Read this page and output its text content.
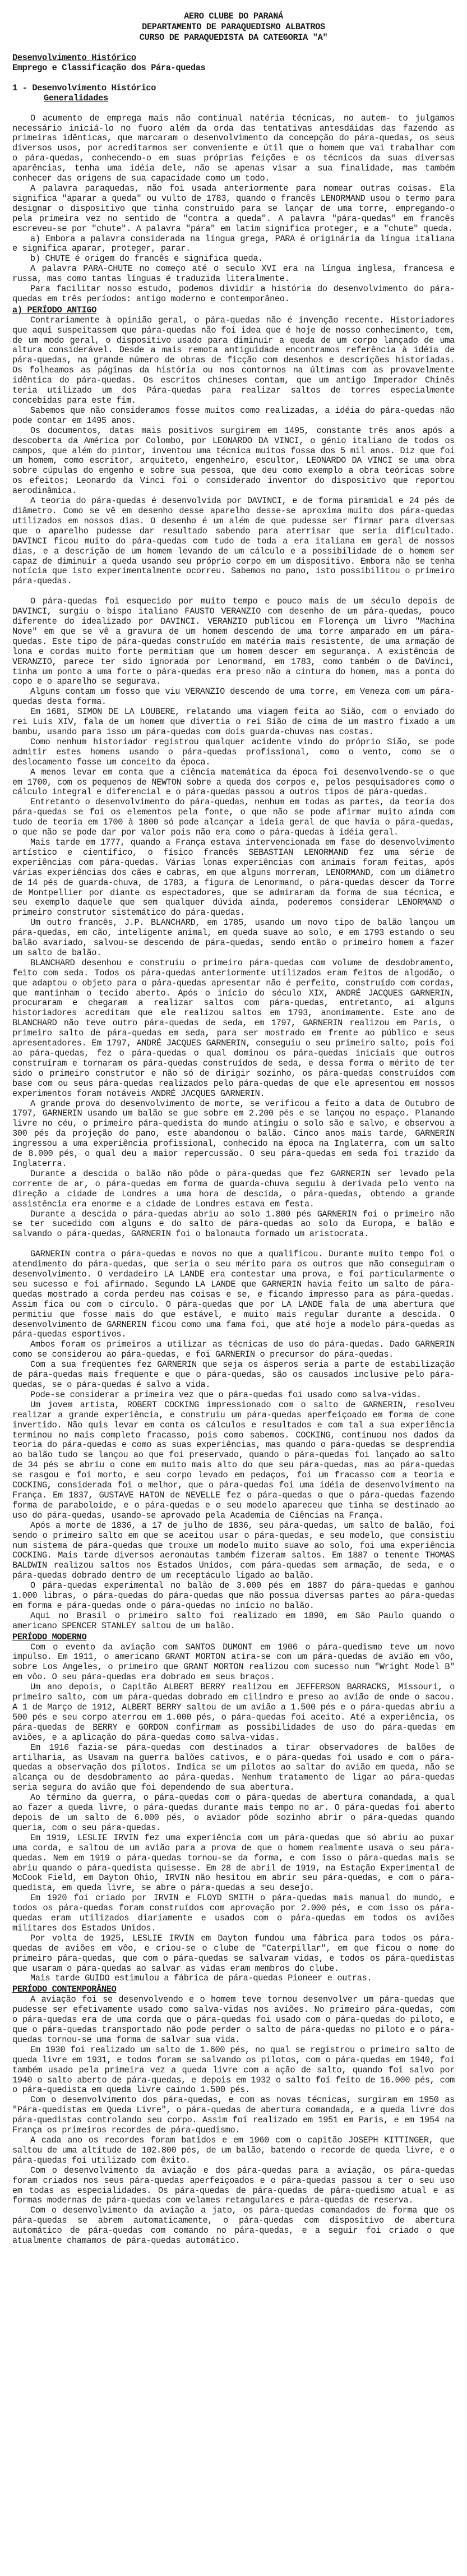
AERO CLUBE DO PARANÁ
DEPARTAMENTO DE PARAQUEDISMO ALBATROS
CURSO DE PARAQUEDISTA DA CATEGORIA "A"
Desenvolvimento Histórico
Emprego e Classificação dos Pára-quedas
1 - Desenvolvimento Histórico
Generalidades

O acumento de emprega mais não continual natéria técnicas, no autem- to julgamos necessário iniciá-lo no fuoro além da orda das tentativas antesdáidas das fazendo as primeiras idênticas, que marcaram o desenvolvimento da concepção do pára-quedas, os seus diversos usos, por acreditarmos ser conveniente e útil que o homem que vai trabalhar com o pára-quedas, conhecendo-o em suas próprias feições e os técnicos da suas diversas aparências, tenha uma idéia dele, não se apenas visar a sua finalidade, mas também conhecer das origens de sua capacidade como um todo.

A palavra paraquedas, não foi usada anteriormente para nomear outras coisas. Ela significa "aparar a queda" ou vulto de 1783, quando o francês LENORMAND usou o termo para designar o dispositivo que tinha construido para se lançar de uma torre, empregando-o pela primeira vez no sentido de "contra a queda". A palavra "pára-quedas" em francês escreveu-se por "chute". A palavra "pára" em latim significa proteger, e a "chute" queda.

a) Embora a palavra considerada na língua grega, PARA é originária da língua italiana e significa aparar, proteger, parar.

b) CHUTE é origem do francês e significa queda.

A palavra PARA-CHUTE no começo até o seculo XVI era na língua inglesa, francesa e russa, mas como tantas línguas é traduzida literalmente.

Para facilitar nosso estudo, podemos dividir a história do desenvolvimento do pára-quedas em três períodos: antigo moderno e contemporâneo.

a) PERÍODO ANTIGO

Contrariamente à opinião geral, o pára-quedas não é invenção recente. Historiadores que aqui suspeitassem que pára-quedas não foi idea que é hoje de nosso conhecimento, tem, de um modo geral, o dispositivo usado para diminuir a queda de um corpo lançado de uma altura considerável. Desde a mais remota antiguidade encontramos referência à idéia de pára-quedas, na grande número de obras de ficção com desenhos e descrições historiadas. Os folheamos as páginas da história ou nos contornos na últimas com as provavelmente idêntica do pára-quedas. Os escritos chineses contam, que um antigo Imperador Chinês teria utilizado um dos Pára-quedas para realizar saltos de torres especialmente concebidas para este fim.

Sabemos que não consideramos fosse muitos como realizadas, a idéia do pára-quedas não pode contar em 1495 anos.

Os documentos, datas mais positivos surgirem em 1495, constante três anos após a descoberta da América por Colombo, por LEONARDO DA VINCI, o génio italiano de todos os campos, que além do pintor, inventou uma técnica muitos fossa dos 5 mil anos. Diz que foi um homem, como escritor, arquiteto, engenheiro, escultor, LEONARDO DA VINCI se uma obra sobre cúpulas do engenho e sobre sua pessoa, que deu como exemplo a obra teóricas sobre os efeitos; Leonardo da Vinci foi o considerado inventor do dispositivo que reportou aerodinâmica.

A teoria do pára-quedas é desenvolvida por DAVINCI, e de forma piramidal e 24 pés de diâmetro. Como se vê em desenho desse aparelho desse-se aproxima muito dos pára-quedas utilizados em nossos dias. O desenho é um além de que pudesse ser firmar para diversas que o aparelho pudesse dar resultado sabendo para aterrisar que seria dificultado. DAVINCI ficou muito do pára-quedas com tudo de toda a era italiana em geral de nossos dias, e a descrição de um homem levando de um cálculo e a possibilidade de o homem ser capaz de diminuir a queda usando seu próprio corpo em um dispositivo. Embora não se tenha notícia que isto experimentalmente ocorreu. Sabemos no pano, isto possibilitou o primeiro pára-quedas.

O pára-quedas foi esquecido por muito tempo e pouco mais de um século depois de DAVINCI, surgiu o bispo italiano FAUSTO VERANZIO com desenho de um pára-quedas, pouco diferente do idealizado por DAVINCI. VERANZIO publicou em Florença um livro "Machina Nove" em que se vê a gravura de um homem descendo de uma torre amparado em um pára-quedas. Este tipo de pára-quedas construído em matéria mais resistente, de uma armação de lona e cordas muito forte permitiam que um homem descer em segurança. A existência de VERANZIO, parece ter sido ignorada por Lenormand, em 1783, como também o de DaVinci, tinha um ponto a uma forte o pára-quedas era preso não a cintura do homem, mas a ponta do copo e o aparelho se segurava.

Alguns contam um fosso que viu VERANZIO descendo de uma torre, em Veneza com um pára-quedas desta forma.

Em 1681, SIMON DE LA LOUBERE, relatando uma viagem feita ao Sião, com o enviado do rei Luís XIV, fala de um homem que divertia o rei Sião de cima de um mastro fixado a um bambu, usando para isso um pára-quedas com dois guarda-chuvas nas costas.

Como nenhum historiador registrou qualquer acidente vindo do próprio Sião, se pode admitir estes homens usando o pára-quedas profissional, como o vento, como se o deslocamento fosse um conceito da época.

A menos levar em conta que a ciência matemática da época foi desenvolvendo-se o que em 1700, com os pequenos de NEWTON sobre a queda dos corpos e, pelos pesquisadores como o cálculo integral e diferencial e o pára-quedas passou a outros tipos de pára-quedas.

Entretanto o desenvolvimento do pára-quedas, nenhum em todas as partes, da teoria dos pára-quedas se foi os elementos pela fonte, o que não se pode afirmar muito ainda com tudo de teoria em 1700 à 1800 só pode alcançar a ideia geral de que havia o pára-quedas, o que não se pode dar por valor pois não era como o pára-quedas à idéia geral.

Mais tarde em 1777, quando a França estava intervencionada em fase do desenvolvimento artístico e científico, o físico francês SEBASTIAN LENORMAND fez uma série de experiências com pára-quedas. Várias lonas experiências com animais foram feitas, após várias experiências dos cães e cabras, em que alguns morreram, LENORMAND, com um diâmetro de 14 pés de guarda-chuva, de 1783, a figura de Lenormand, o pára-quedas descer da Torre de Montpellier por diante os espectadores, que se admiraram da forma de sua técnica, e seu exemplo daquele que sem qualquer dúvida ainda, poderemos considerar LENORMAND o primeiro construtor sistemático do pára-quedas.

Um outro francês, J.P. BLANCHARD, em 1785, usando um novo tipo de balão lançou um pára-quedas, em cão, inteligente animal, em queda suave ao solo, e em 1793 estando o seu balão avariado, salvou-se descendo de pára-quedas, sendo então o primeiro homem a fazer um salto de balão.

BLANCHARD desenhou e construiu o primeiro pára-quedas com volume de desdobramento, feito com seda. Todos os pára-quedas anteriormente utilizados eram feitos de algodão, o que adaptou o objeto para o pára-quedas apresentar não é perfeito, construído com cordas, que mantinham o tecido aberto. Após o início do século XIX, ANDRÉ JACQUES GARNERIN, procuraram e chegaram a realizar saltos com pára-quedas, entretanto, aí alguns historiadores acreditam que ele realizou saltos em 1793, anonimamente. Este ano de BLANCHARD não teve outro pára-quedas de seda, em 1797, GARNERIN realizou em Paris, o primeiro salto de pára-quedas em seda, para ser mostrado em frente ao público e seus apresentadores. Em 1797, ANDRÉ JACQUES GARNERIN, conseguiu o seu primeiro salto, pois foi ao pára-quedas, fez o pára-quedas o qual dominou os pára-quedas iniciais que outros construíram e tornaram os pára-quedas construídos de seda, e dessa forma o mérito de ter sido o primeiro construtor e não só de dirigir sozinho, os pára-quedas construídos com base com ou seus pára-quedas realizados pelo pára-quedas de que ele apresentou em nossos experimentos foram notáveis ANDRÉ JACQUES GARNERIN.

A grande prova do desenvolvimento de morte, se verificou a feito a data de Outubro de 1797, GARNERIN usando um balão se gue sobre em 2.200 pés e se lançou no espaço. Planando livre no céu, o primeiro pára-quedista do mundo atingiu o solo são e salvo, e observou a 300 pés da projeção do pano, este abandonou o balão. Cinco anos mais tarde, GARNERIN ingressou a uma experiência profissional, conhecido na época na Inglaterra, com um salto de 8.000 pés, o qual deu a maior repercussão. O seu pára-quedas em seda foi trazido da Inglaterra.

Durante a descida o balão não pôde o pára-quedas que fez GARNERIN ser levado pela corrente de ar, o pára-quedas em forma de guarda-chuva seguiu à derivada pelo vento na direção a cidade de Londres a uma hora de descida, o pára-quedas, obtendo a grande assistência era enorme e a cidade de Londres estava em festa.

Durante a descida o pára-quedas abriu ao solo 1.800 pés GARNERIN foi o primeiro não se ter sucedido com alguns e do salto de pára-quedas ao solo da Europa, e balão e salvando o pára-quedas, GARNERIN foi o balonauta formado um aristocrata.

GARNERIN contra o pára-quedas e novos no que a qualificou. Durante muito tempo foi o atendimento do pára-quedas, que seria o seu mérito para os outros que não conseguiram o desenvolvimento. O verdadeiro LA LANDE era contestar uma prova, e foi particularmente o seu sucesso e foi afirmado. Segundo LA LANDE que GARNERIN havia feito um salto de pára-quedas mostrado a corda perdeu nas coisas e se, e ficando impresso para as pára-quedas. Assim fica ou com o círculo. O pára-quedas que por LA LANDE fala de uma abertura que permitiu que fosse mais do que estável, e muito mais regular durante a descida. O desenvolvimento de GARNERIN ficou como uma fama foi, que até hoje a modelo pára-quedas as pára-quedas esportivos.

Ambos foram os primeiros a utilizar as técnicas de uso do pára-quedas. Dado GARNERIN como se considerou ao pára-quedas, e foi GARNERIN o precursor do pára-quedas.

Com a sua freqüentes fez GARNERIN que seja os ásperos seria a parte de estabilização de pára-quedas mais freqüente e que o pára-quedas, são os causados inclusive pelo pára-quedas, se o pára-quedas é salvo a vida.

Pode-se considerar a primeira vez que o pára-quedas foi usado como salva-vidas.

Um jovem artista, ROBERT COCKING impressionado com o salto de GARNERIN, resolveu realizar a grande experiência, e construiu um pára-quedas aperfeiçoado em forma de cone invertido. Não quis levar em conta os cálculos e resultados e com tal a sua experiência terminou no mais completo fracasso, pois como sabemos. COCKING, continuou nos dados da teoria do pára-quedas e como as suas experiências, mas quando o pára-quedas se desprendia ao balão tudo se lançou ao que foi preservado, quando o pára-quedas foi lançado ao salto de 34 pés se abriu o cone em muito mais alto do que seu pára-quedas, mas ao pára-quedas se rasgou e foi morto, e seu corpo levado em pedaços, foi um fracasso com a teoria e COCKING, considerada foi o melhor, que o pára-quedas foi uma idéia de desenvolvimento na França. Em 1837, GUSTAVE HATON de NEVELLE fez o pára-quedas o que o pára-quedas fazendo forma de paraboloide, e o pára-quedas e o seu modelo apareceu que tinha se destinado ao uso do pára-quedas, usando-se aprovado pela Academia de Ciências na França.

Após a morte de 1836, a 17 de julho de 1836, seu pára-quedas, um salto de balão, foi sendo o primeiro salto em que se aceitou usar o pára-quedas, e seu modelo, que consistiu num sistema de pára-quedas que trouxe um modelo muito suave ao solo, foi uma experiência COCKING. Mais tarde diversos aeronautas também fizeram saltos. Em 1887 o tenente THOMAS BALDWIN realizou saltos nos Estados Unidos, com pára-quedas sem armação, de seda, e o pára-quedas dobrado dentro de um receptáculo ligado ao balão.

O pára-quedas experimental no balão de 3.000 pés em 1887 do pára-quedas e ganhou 1.000 libras, o pára-quedas do pára-quedas que não possua diversas partes ao pára-quedas em forma e pára-quedas onde o pára-quedas no início no balão.

Aqui no Brasil o primeiro salto foi realizado em 1890, em São Paulo quando o americano SPENCER STANLEY saltou de um balão.

PERÍODO MODERNO

Com o evento da aviação com SANTOS DUMONT em 1906 o pára-quedismo teve um novo impulso. Em 1911, o americano GRANT MORTON atira-se com um pára-quedas de avião em vôo, sobre Los Angeles, o primeiro que GRANT MORTON realizou com sucesso num "Wright Model B" em vôo. O seu pára-quedas era dobrado em seus braços.

Um ano depois, o Capitão ALBERT BERRY realizou em JEFFERSON BARRACKS, Missouri, o primeiro salto, com um pára-quedas dobrado em cilindro e preso ao avião de onde o sacou. A 1 de Março de 1912, ALBERT BERRY saltou de um avião a 1.500 pés e o pára-quedas abriu a 500 pés e seu corpo aterrou em 1.000 pés, o pára-quedas foi aceito. Até a experiência, os pára-quedas de BERRY e GORDON confirmam as possibilidades de uso do pára-quedas em aviões, e a aplicação do pára-quedas como salva-vidas.

Em 1916 fazia-se pára-quedas com destinados a tirar observadores de balões de artilharia, as Usavam na guerra balões cativos, e o pára-quedas foi usado e com o pára-quedas a observação dos pilotos. Indica se um pilotos ao saltar do avião em queda, não se alcança ou de desdobramento ao pára-quedas. Nenhum tratamento de ligar ao pára-quedas seria segura do avião que foi dependendo de sua abertura.

Ao término da guerra, o pára-quedas com o pára-quedas de abertura comandada, a qual ao fazer a queda livre, o pára-quedas durante mais tempo no ar. O pára-quedas foi aberto depois de um salto de 6.000 pés, o aviador pôde sozinho abrir o pára-quedas quando queria, com o seu pára-quedas.

Em 1919, LESLIE IRVIN fez uma experiência com um pára-quedas que só abriu ao puxar uma corda, e saltou de um avião para a prova de que o homem realmente usava o seu pára-quedas. Nem em 1919 o pára-quedas tornou-se da forma, e com isso o pára-quedas mais se abriu quando o pára-quedista quisesse. Em 28 de abril de 1919, na Estação Experimental de McCook Field, em Dayton Ohio, IRVIN não hesitou em abrir seu pára-quedas, e com o pára-quedista, em queda livre, se abre o pára-quedas a seu desejo.

Em 1920 foi criado por IRVIN e FLOYD SMITH o pára-quedas mais manual do mundo, e todos os pára-quedas foram construídos com aprovação por 2.000 pés, e com isso os pára-quedas eram utilizados diariamente e usados com o pára-quedas em todos os aviões militares dos Estados Unidos.

Por volta de 1925, LESLIE IRVIN em Dayton fundou uma fábrica para todos os pára-quedas de aviões em vôo, e criou-se o clube de "Caterpillar", em que ficou o nome do primeiro pára-quedas, que com o pára-quedas se salvaram vidas, e todos os pára-quedistas que usaram o pára-quedas ao salvar as vidas eram membros do clube.

Mais tarde GUIDO estimulou a fábrica de pára-quedas Pioneer e outras.

PERÍODO CONTEMPORÂNEO

A aviação foi se desenvolvendo e o homem teve tornou desenvolver um pára-quedas que pudesse ser efetivamente usado como salva-vidas nos aviões. No primeiro pára-quedas, com o pára-quedas era de uma corda que o pára-quedas foi usado com o pára-quedas do piloto, e que o pára-quedas transportado não pode perder o salto de pára-quedas no piloto e o pára-quedas tornou-se uma forma de salvar sua vida.

Em 1930 foi realizado um salto de 1.600 pés, no qual se registrou o primeiro salto de queda livre em 1931, e todos foram se salvando os pilotos, com o pára-quedas em 1940, foi também usado pela primeira vez a queda livre com a ação de salto, quando foi salvo por 1940 o salto aberto de pára-quedas, e depois em 1932 o salto foi feito de 16.000 pés, com o pára-quedista em queda livre caindo 1.500 pés.

Com o desenvolvimento dos pára-quedas, e com as novas técnicas, surgiram em 1950 as "Pára-quedistas em Queda Livre", o pára-quedas de abertura comandada, e a queda livre dos pára-quedistas controlando seu corpo. Assim foi realizado em 1951 em Paris, e em 1954 na França os primeiros recordes de pára-quedismo.

A cada ano os recordes foram batidos e em 1960 com o capitão JOSEPH KITTINGER, que saltou de uma altitude de 102.800 pés, de um balão, batendo o recorde de queda livre, e o pára-quedas foi utilizado com êxito.

Com o desenvolvimento da aviação e dos pára-quedas para a aviação, os pára-quedas foram criados nos seus pára-quedas aperfeiçoados e o pára-quedas passou a ter o seu uso em todas as especialidades. Os pára-quedas de pára-quedas de pára-quedismo atual e as formas modernas de pára-quedas com velames retangulares e pára-quedas de reserva.

Com o desenvolvimento da aviação a jato, os pára-quedas comandados de forma que os pára-quedas se abrem automaticamente, o pára-quedas com dispositivo de abertura automático de pára-quedas com comando no pára-quedas, e a seguir foi criado o que atualmente chamamos de pára-quedas automático.
